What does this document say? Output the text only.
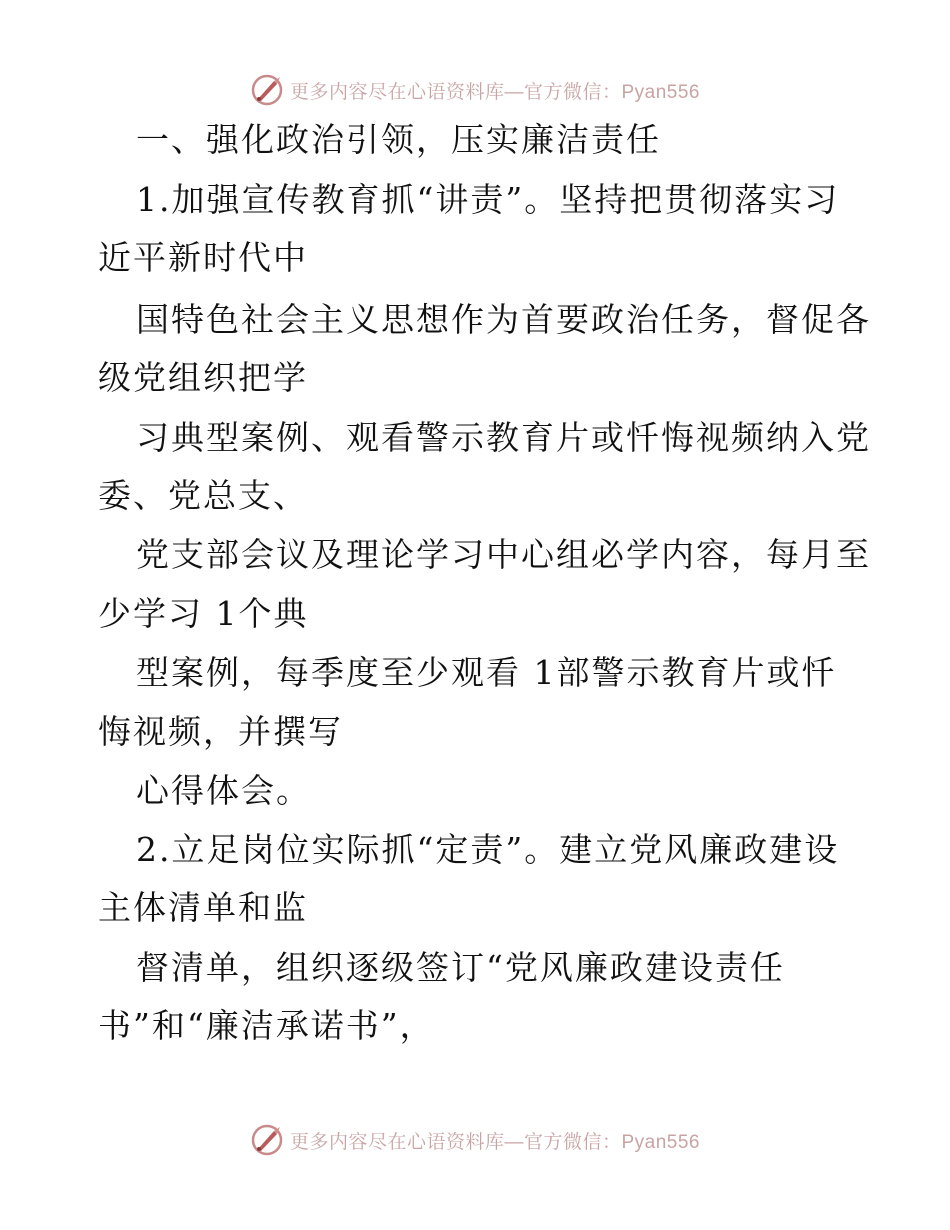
更多内容尽在心语资料库—官方微信：Pyan556
一、强化政治引领，压实廉洁责任
1.加强宣传教育抓“讲责”。坚持把贯彻落实习
近平新时代中
国特色社会主义思想作为首要政治任务，督促各
级党组织把学
习典型案例、观看警示教育片或忏悔视频纳入党
委、党总支、
党支部会议及理论学习中心组必学内容，每月至
少学习 1个典
型案例，每季度至少观看 1部警示教育片或忏
悔视频，并撰写
心得体会。
2.立足岗位实际抓“定责”。建立党风廉政建设
主体清单和监
督清单，组织逐级签订“党风廉政建设责任
书”和“廉洁承诺书”，
更多内容尽在心语资料库—官方微信：Pyan556
